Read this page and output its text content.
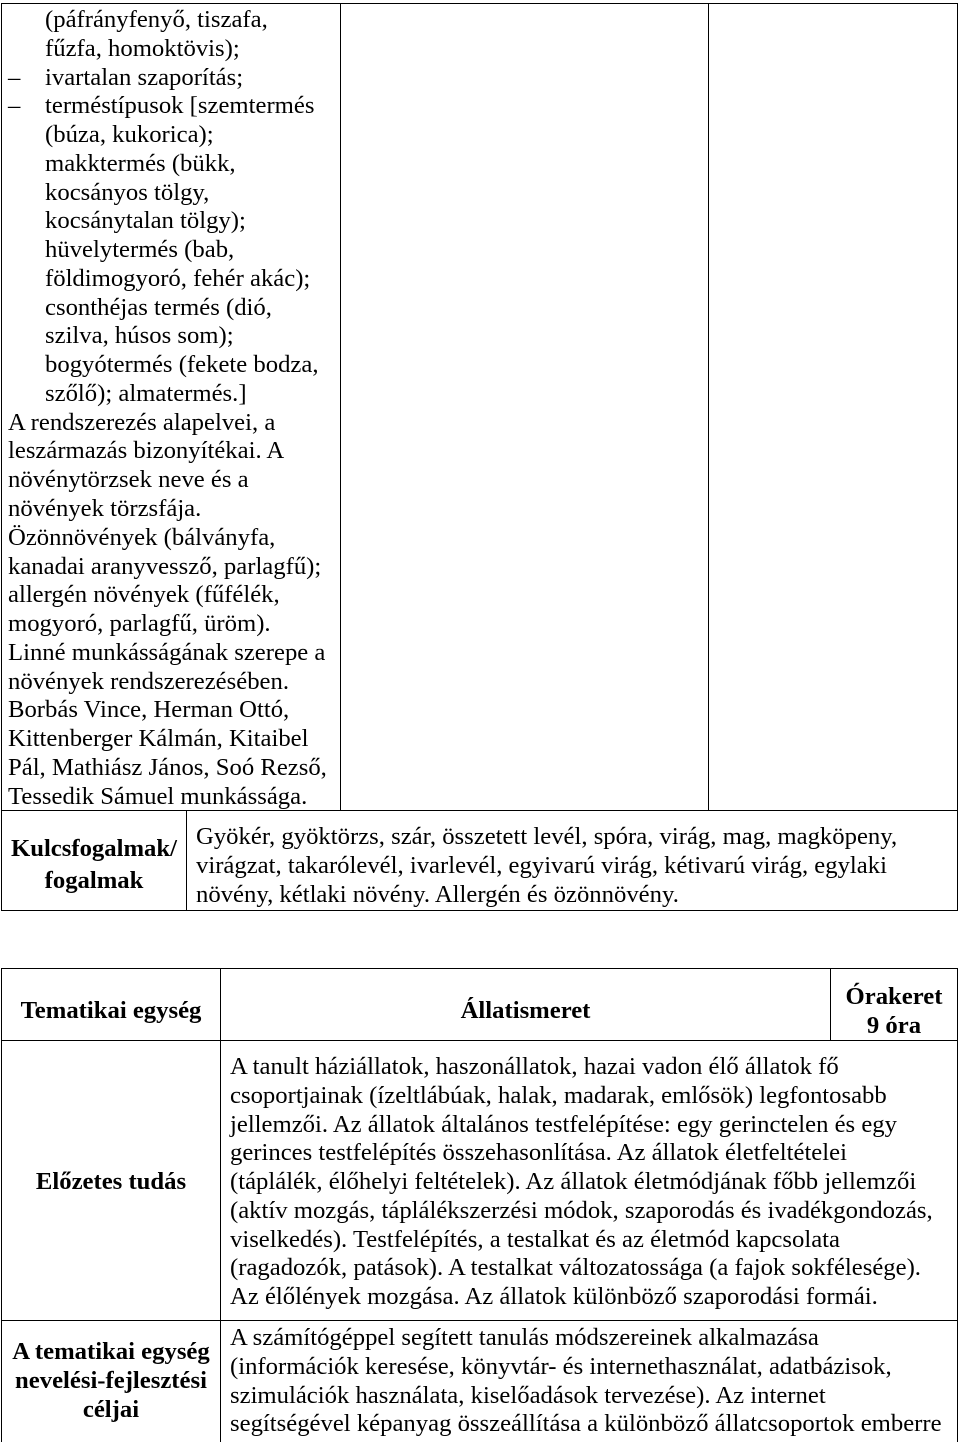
(páfrányfenyő, tiszafa,
fűzfa, homoktövis);
– ivartalan szaporítás;
– terméstípusok [szemtermés
(búza, kukorica);
makktermés (bükk,
kocsányos tölgy,
kocsánytalan tölgy);
hüvelytermés (bab,
földimogyoró, fehér akác);
csonthéjas termés (dió,
szilva, húsos som);
bogyótermés (fekete bodza,
szőlő); almatermés.]
A rendszerezés alapelvei, a
leszármazás bizonyítékai. A
növénytörzsek neve és a
növények törzsfája.
Özönnövények (bálványfa,
kanadai aranyvessző, parlagfű);
allergén növények (fűfélék,
mogyoró, parlagfű, üröm).
Linné munkásságának szerepe a
növények rendszerezésében.
Borbás Vince, Herman Ottó,
Kittenberger Kálmán, Kitaibel
Pál, Mathiász János, Soó Rezső,
Tessedik Sámuel munkássága.
Kulcsfogalmak/
fogalmak
Gyökér, gyöktörzs, szár, összetett levél, spóra, virág, mag, magköpeny,
virágzat, takarólevél, ivarlevél, egyivarú virág, kétivarú virág, egylaki
növény, kétlaki növény. Allergén és özönnövény.
Tematikai egység	Állatismeret
Órakeret
9 óra
Előzetes tudás
A tanult háziállatok, haszonállatok, hazai vadon élő állatok fő
csoportjainak (ízeltlábúak, halak, madarak, emlősök) legfontosabb
jellemzői. Az állatok általános testfelépítése: egy gerinctelen és egy
gerinces testfelépítés összehasonlítása. Az állatok életfeltételei
(táplálék, élőhelyi feltételek). Az állatok életmódjának főbb jellemzői
(aktív mozgás, táplálékszerzési módok, szaporodás és ivadékgondozás,
viselkedés). Testfelépítés, a testalkat és az életmód kapcsolata
(ragadozók, patások). A testalkat változatossága (a fajok sokfélesége).
Az élőlények mozgása. Az állatok különböző szaporodási formái.
A tematikai egység
nevelési-fejlesztési
céljai
A számítógéppel segített tanulás módszereinek alkalmazása
(információk keresése, könyvtár- és internethasználat, adatbázisok,
szimulációk használata, kiselőadások tervezése). Az internet
segítségével képanyag összeállítása a különböző állatcsoportok emberre
